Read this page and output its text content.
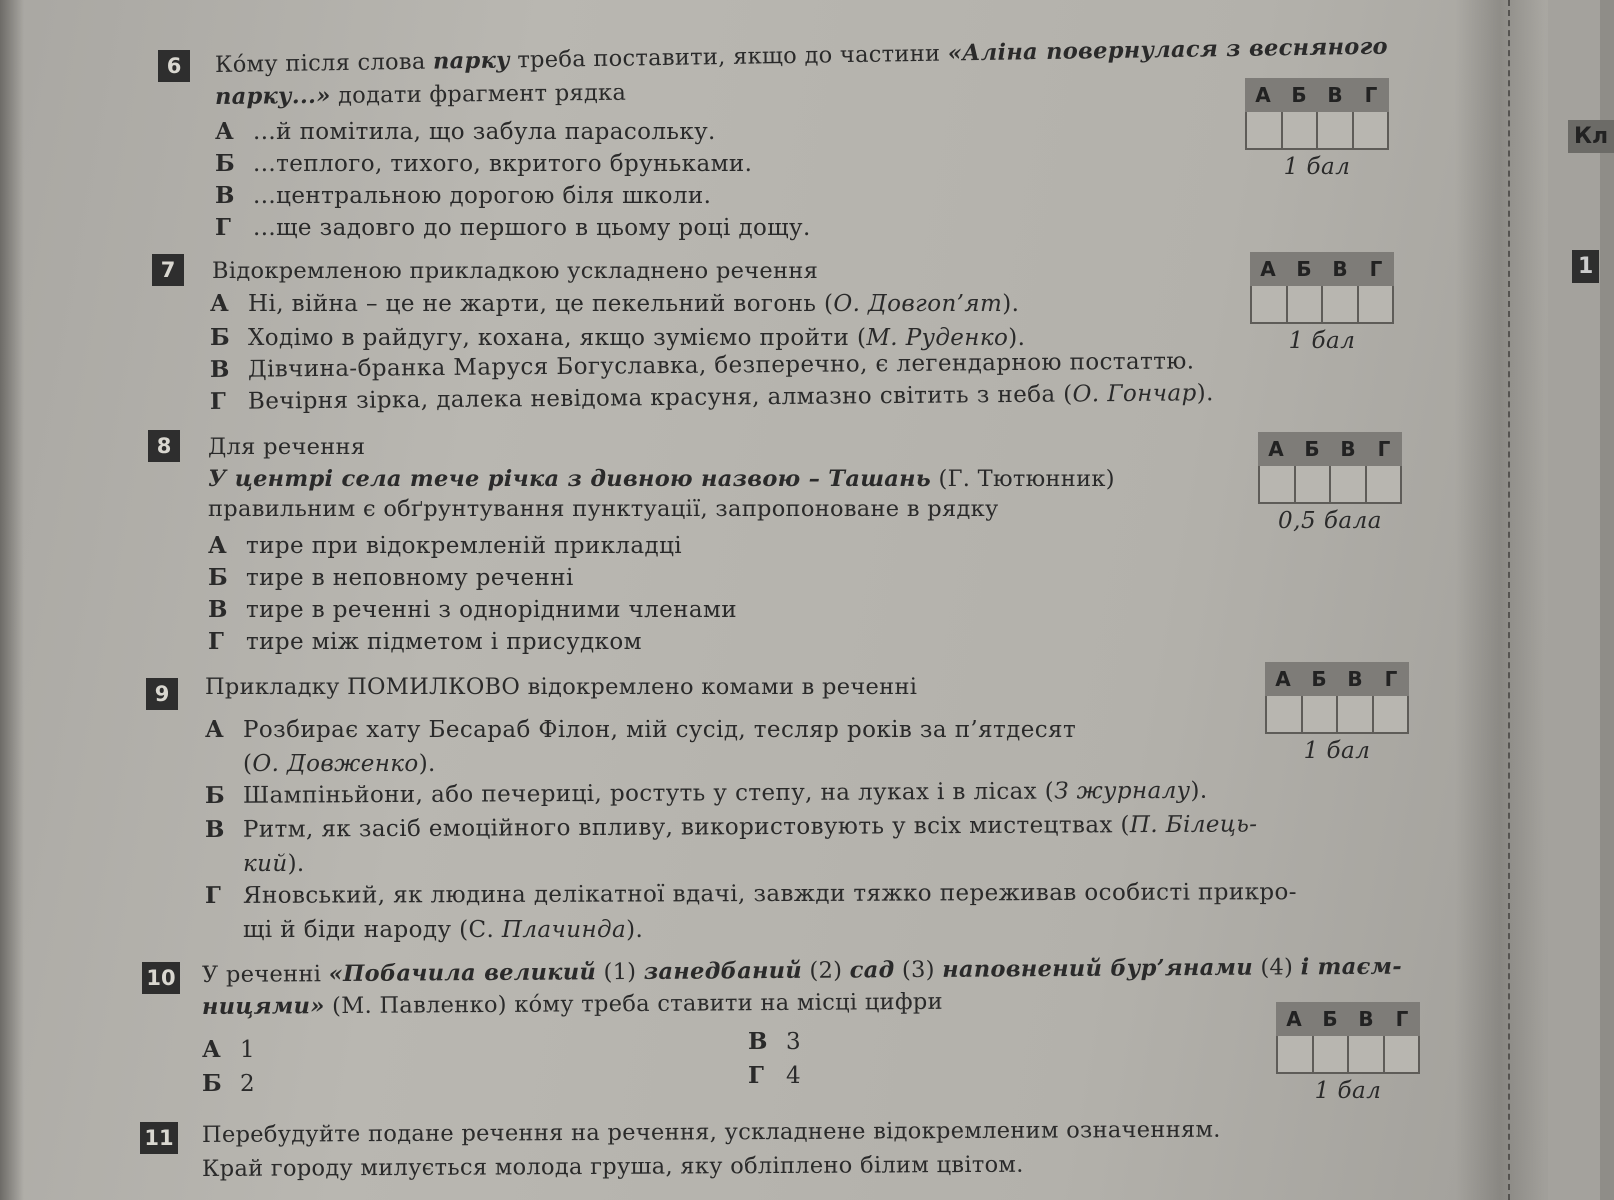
Кл
1
6	Кóму після слова парку треба поставити, якщо до частини «Аліна повернулася з весняного
парку...» додати фрагмент рядка
А ...й помітила, що забула парасольку.
Б ...теплого, тихого, вкритого бруньками.
В ...центральною дорогою біля школи.
Г ...ще задовго до першого в цьому році дощу.
А	Б	В	Г
1 бал
7	Відокремленою прикладкою ускладнено речення
А Ні, війна – це не жарти, це пекельний вогонь (О. Довгоп’ят).
Б Ходімо в райдугу, кохана, якщо зуміємо пройти (М. Руденко).
В Дівчина-бранка Маруся Богуславка, безперечно, є легендарною постаттю.
Г Вечірня зірка, далека невідома красуня, алмазно світить з неба (О. Гончар).
А	Б	В	Г
1 бал
8	Для речення
У центрі села тече річка з дивною назвою – Ташань (Г. Тютюнник)
правильним є обґрунтування пунктуації, запропоноване в рядку
А тире при відокремленій прикладці
Б тире в неповному реченні
В тире в реченні з однорідними членами
Г тире між підметом і присудком
А	Б	В	Г
0,5 бала
9	Прикладку ПОМИЛКОВО відокремлено комами в реченні
А Розбирає хату Бесараб Філон, мій сусід, тесляр років за п’ятдесят
(О. Довженко).
Б Шампіньйони, або печериці, ростуть у степу, на луках і в лісах (З журналу).
В Ритм, як засіб емоційного впливу, використовують у всіх мистецтвах (П. Білець-
кий).
Г Яновський, як людина делікатної вдачі, завжди тяжко переживав особисті прикро-
щі й біди народу (С. Плачинда).
А	Б	В	Г
1 бал
10 У реченні «Побачила великий (1) занедбаний (2) сад (3) наповнений бур’янами (4) і таєм-
ницями» (М. Павленко) кóму треба ставити на місці цифри
А 1
Б 2
В 3
Г 4
А	Б	В	Г
1 бал
11 Перебудуйте подане речення на речення, ускладнене відокремленим означенням.
Край городу милується молода груша, яку обліплено білим цвітом.
